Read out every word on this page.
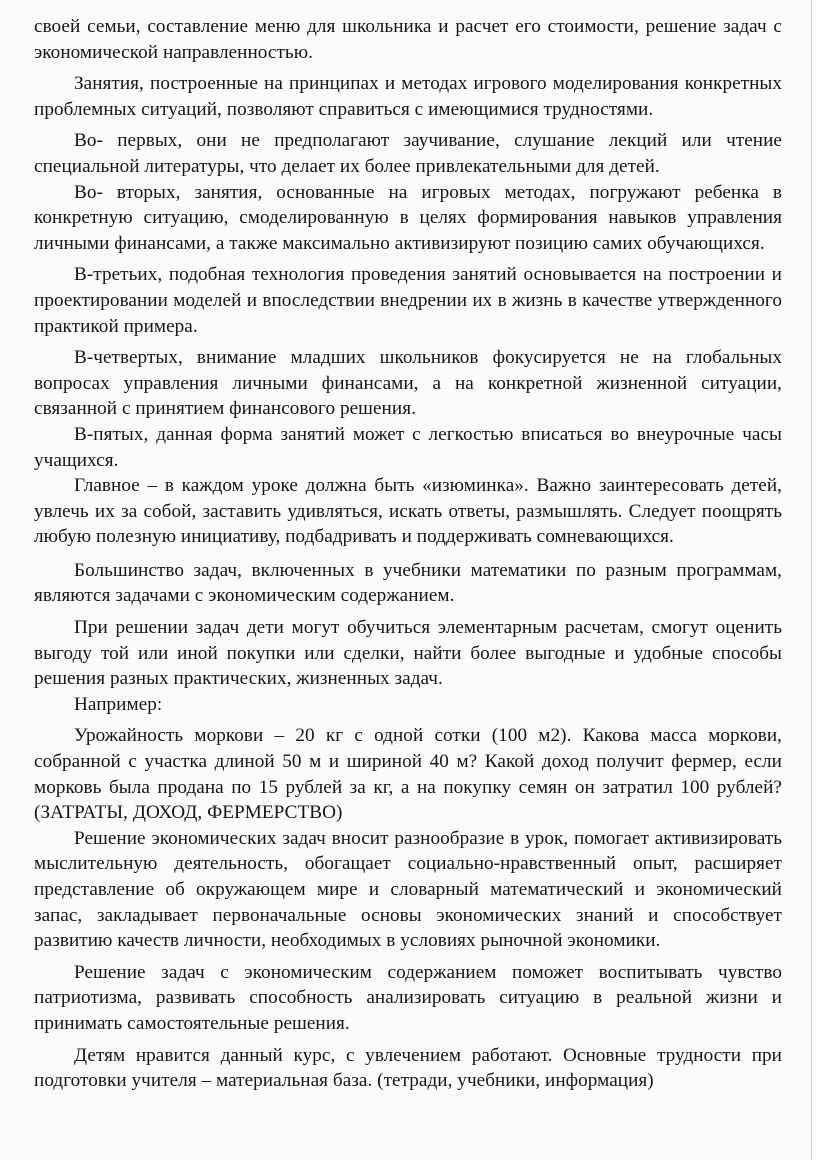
своей семьи, составление меню для школьника и расчет его стоимости, решение задач с экономической направленностью.

Занятия, построенные на принципах и методах игрового моделирования конкретных проблемных ситуаций, позволяют справиться с имеющимися трудностями.

Во- первых, они не предполагают заучивание, слушание лекций или чтение специальной литературы, что делает их более привлекательными для детей.

Во- вторых, занятия, основанные на игровых методах, погружают ребенка в конкретную ситуацию, смоделированную в целях формирования навыков управления личными финансами, а также максимально активизируют позицию самих обучающихся.

В-третьих, подобная технология проведения занятий основывается на построении и проектировании моделей и впоследствии внедрении их в жизнь в качестве утвержденного практикой примера.

В-четвертых, внимание младших школьников фокусируется не на глобальных вопросах управления личными финансами, а на конкретной жизненной ситуации, связанной с принятием финансового решения.

В-пятых, данная форма занятий может с легкостью вписаться во внеурочные часы учащихся.

Главное – в каждом уроке должна быть «изюминка». Важно заинтересовать детей, увлечь их за собой, заставить удивляться, искать ответы, размышлять. Следует поощрять любую полезную инициативу, подбадривать и поддерживать сомневающихся.

Большинство задач, включенных в учебники математики по разным программам, являются задачами с экономическим содержанием.

При решении задач дети могут обучиться элементарным расчетам, смогут оценить выгоду той или иной покупки или сделки, найти более выгодные и удобные способы решения разных практических, жизненных задач.

Например:

Урожайность моркови – 20 кг с одной сотки (100 м2). Какова масса моркови, собранной с участка длиной 50 м и шириной 40 м? Какой доход получит фермер, если морковь была продана по 15 рублей за кг, а на покупку семян он затратил 100 рублей? (ЗАТРАТЫ, ДОХОД, ФЕРМЕРСТВО)

Решение экономических задач вносит разнообразие в урок, помогает активизировать мыслительную деятельность, обогащает социально-нравственный опыт, расширяет представление об окружающем мире и словарный математический и экономический запас, закладывает первоначальные основы экономических знаний и способствует развитию качеств личности, необходимых в условиях рыночной экономики.

Решение задач с экономическим содержанием поможет воспитывать чувство патриотизма, развивать способность анализировать ситуацию в реальной жизни и принимать самостоятельные решения.

Детям нравится данный курс, с увлечением работают. Основные трудности при подготовки учителя – материальная база. (тетради, учебники, информация)
